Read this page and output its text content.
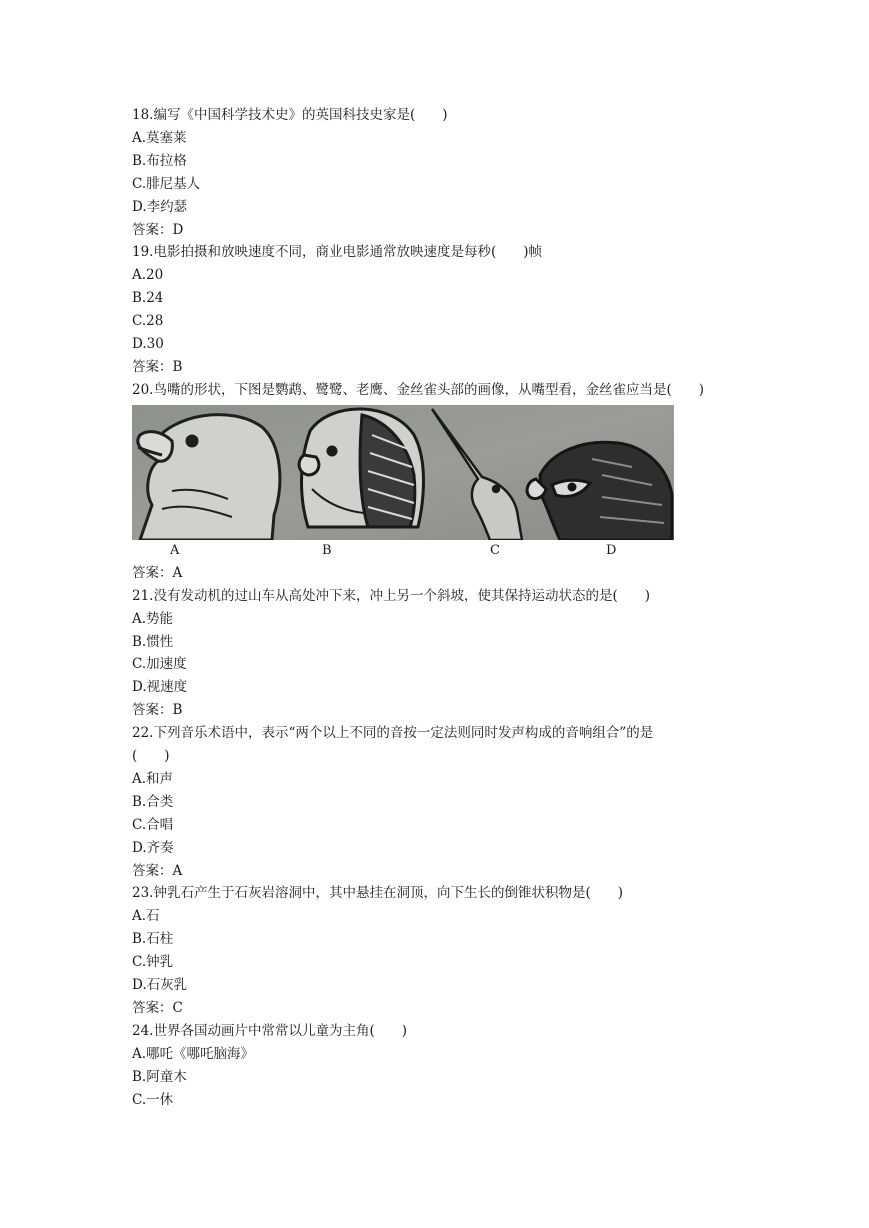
18.编写《中国科学技术史》的英国科技史家是(　　)
A.莫塞莱
B.布拉格
C.腓尼基人
D.李约瑟
答案：D
19.电影拍摄和放映速度不同，商业电影通常放映速度是每秒(　　)帧
A.20
B.24
C.28
D.30
答案：B
20.鸟嘴的形状，下图是鹦鹉、鹭鹭、老鹰、金丝雀头部的画像，从嘴型看，金丝雀应当是(　　)
A	B	C	D
答案：A
21.没有发动机的过山车从高处冲下来，冲上另一个斜坡，使其保持运动状态的是(　　)
A.势能
B.惯性
C.加速度
D.视速度
答案：B
22.下列音乐术语中，表示“两个以上不同的音按一定法则同时发声构成的音响组合”的是
(　　)
A.和声
B.合类
C.合唱
D.齐奏
答案：A
23.钟乳石产生于石灰岩溶洞中，其中悬挂在洞顶，向下生长的倒锥状积物是(　　)
A.石
B.石柱
C.钟乳
D.石灰乳
答案：C
24.世界各国动画片中常常以儿童为主角(　　)
A.哪吒《哪吒脑海》
B.阿童木
C.一休
